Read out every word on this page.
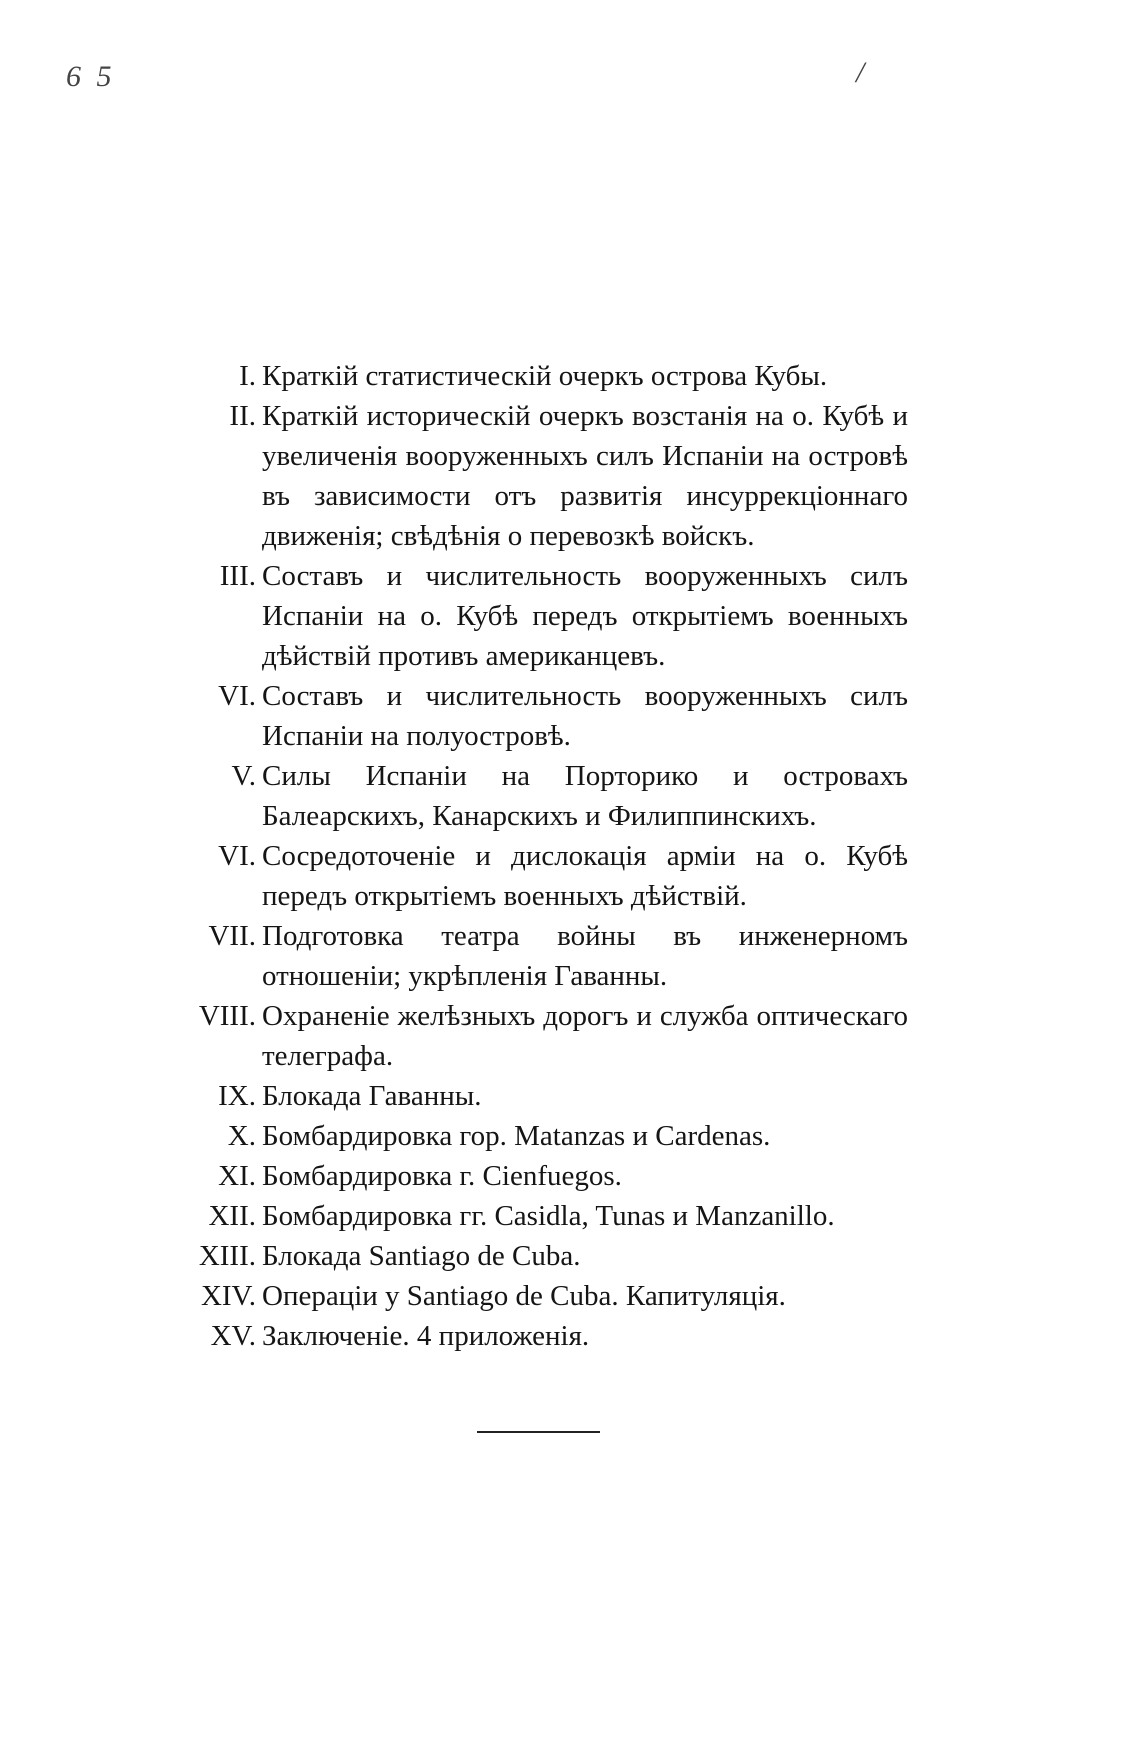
6 5	/
I. Краткій статистическій очеркъ острова Кубы.
II. Краткій историческій очеркъ возстанія на о. Кубѣ и увеличенія вооруженныхъ силъ Испаніи на островѣ въ зависимости отъ развитія инсуррекціоннаго движенія; свѣдѣнія о перевозкѣ войскъ.
III. Составъ и числительность вооруженныхъ силъ Испаніи на о. Кубѣ передъ открытіемъ военныхъ дѣйствій противъ американцевъ.
VI. Составъ и числительность вооруженныхъ силъ Испаніи на полуостровѣ.
V. Силы Испаніи на Порторико и островахъ Балеарскихъ, Канарскихъ и Филиппинскихъ.
VI. Сосредоточеніе и дислокація арміи на о. Кубѣ передъ открытіемъ военныхъ дѣйствій.
VII. Подготовка театра войны въ инженерномъ отношеніи; укрѣпленія Гаванны.
VIII. Охраненіе желѣзныхъ дорогъ и служба оптическаго телеграфа.
IX. Блокада Гаванны.
X. Бомбардировка гор. Matanzas и Cardenas.
XI. Бомбардировка г. Cienfuegos.
XII. Бомбардировка гг. Casidla, Tunas и Manzanillo.
XIII. Блокада Santiago de Cuba.
XIV. Операціи у Santiago de Cuba. Капитуляція.
XV. Заключеніе. 4 приложенія.
